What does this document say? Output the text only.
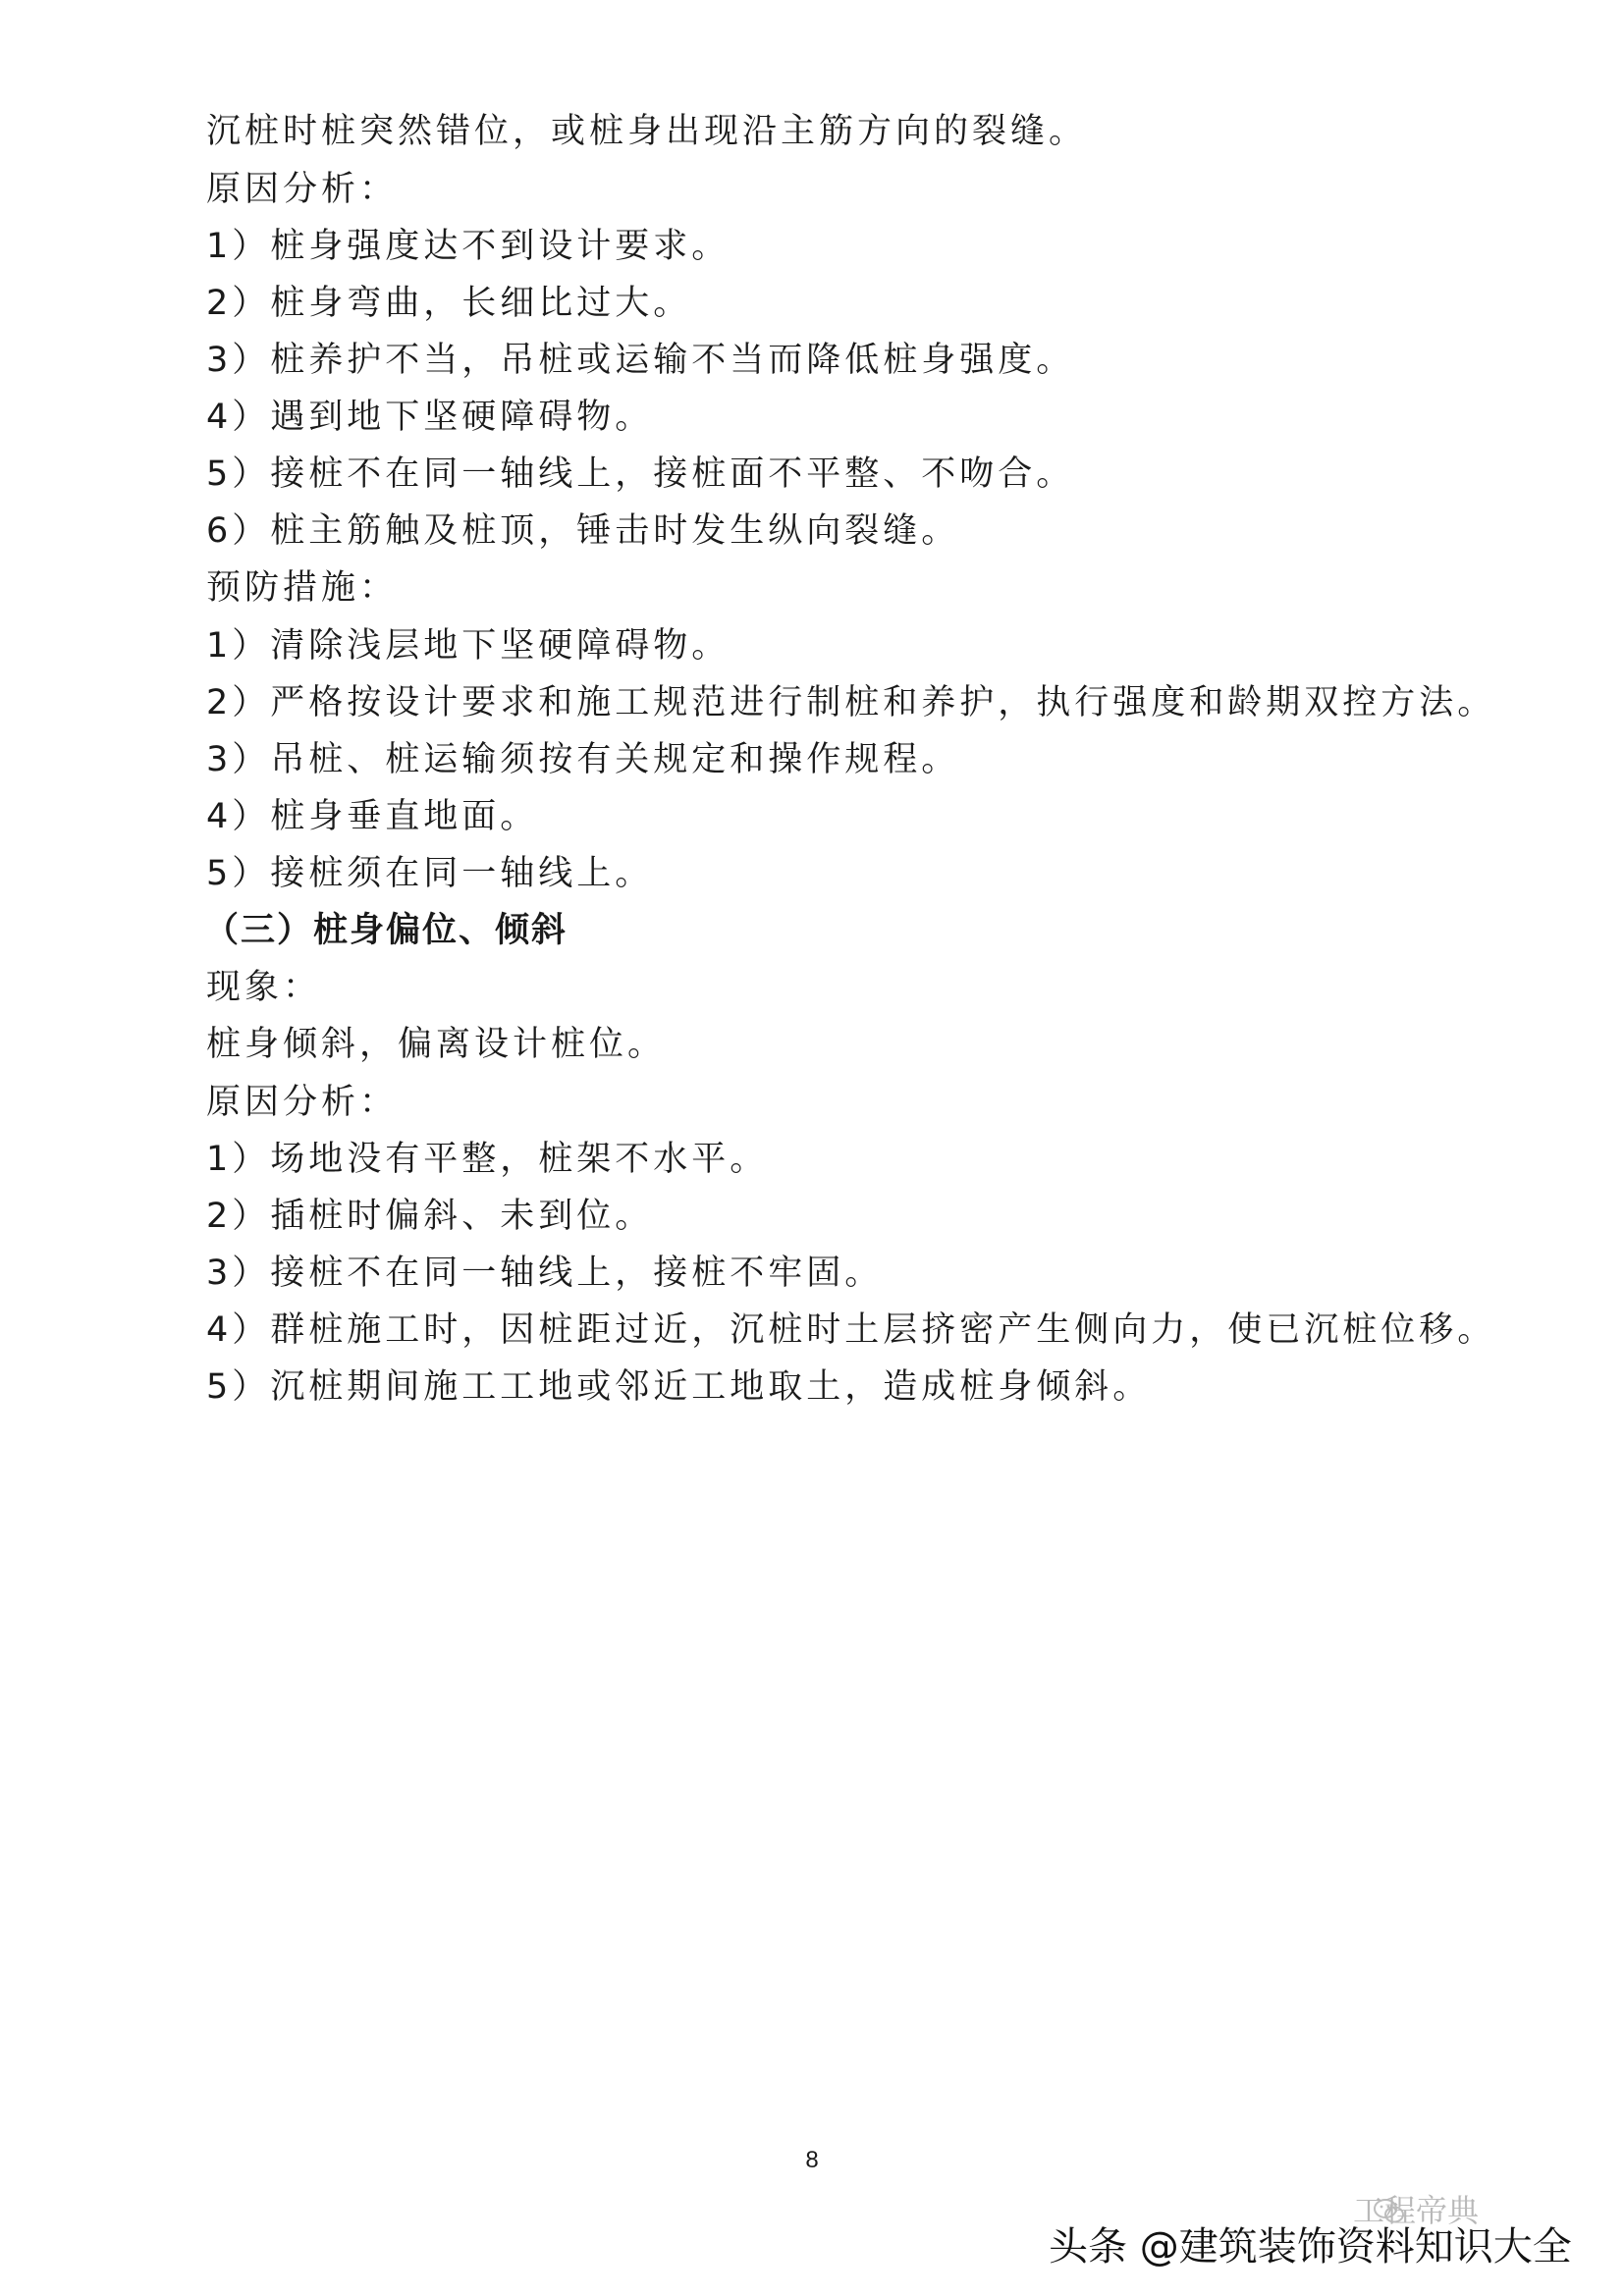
沉桩时桩突然错位，或桩身出现沿主筋方向的裂缝。
原因分析：
1）桩身强度达不到设计要求。
2）桩身弯曲，长细比过大。
3）桩养护不当，吊桩或运输不当而降低桩身强度。
4）遇到地下坚硬障碍物。
5）接桩不在同一轴线上，接桩面不平整、不吻合。
6）桩主筋触及桩顶，锤击时发生纵向裂缝。
预防措施：
1）清除浅层地下坚硬障碍物。
2）严格按设计要求和施工规范进行制桩和养护，执行强度和龄期双控方法。
3）吊桩、桩运输须按有关规定和操作规程。
4）桩身垂直地面。
5）接桩须在同一轴线上。
（三）桩身偏位、倾斜
现象：
桩身倾斜，偏离设计桩位。
原因分析：
1）场地没有平整，桩架不水平。
2）插桩时偏斜、未到位。
3）接桩不在同一轴线上，接桩不牢固。
4）群桩施工时，因桩距过近，沉桩时土层挤密产生侧向力，使已沉桩位移。
5）沉桩期间施工工地或邻近工地取土，造成桩身倾斜。
8
工程帝典
头条 @建筑装饰资料知识大全
